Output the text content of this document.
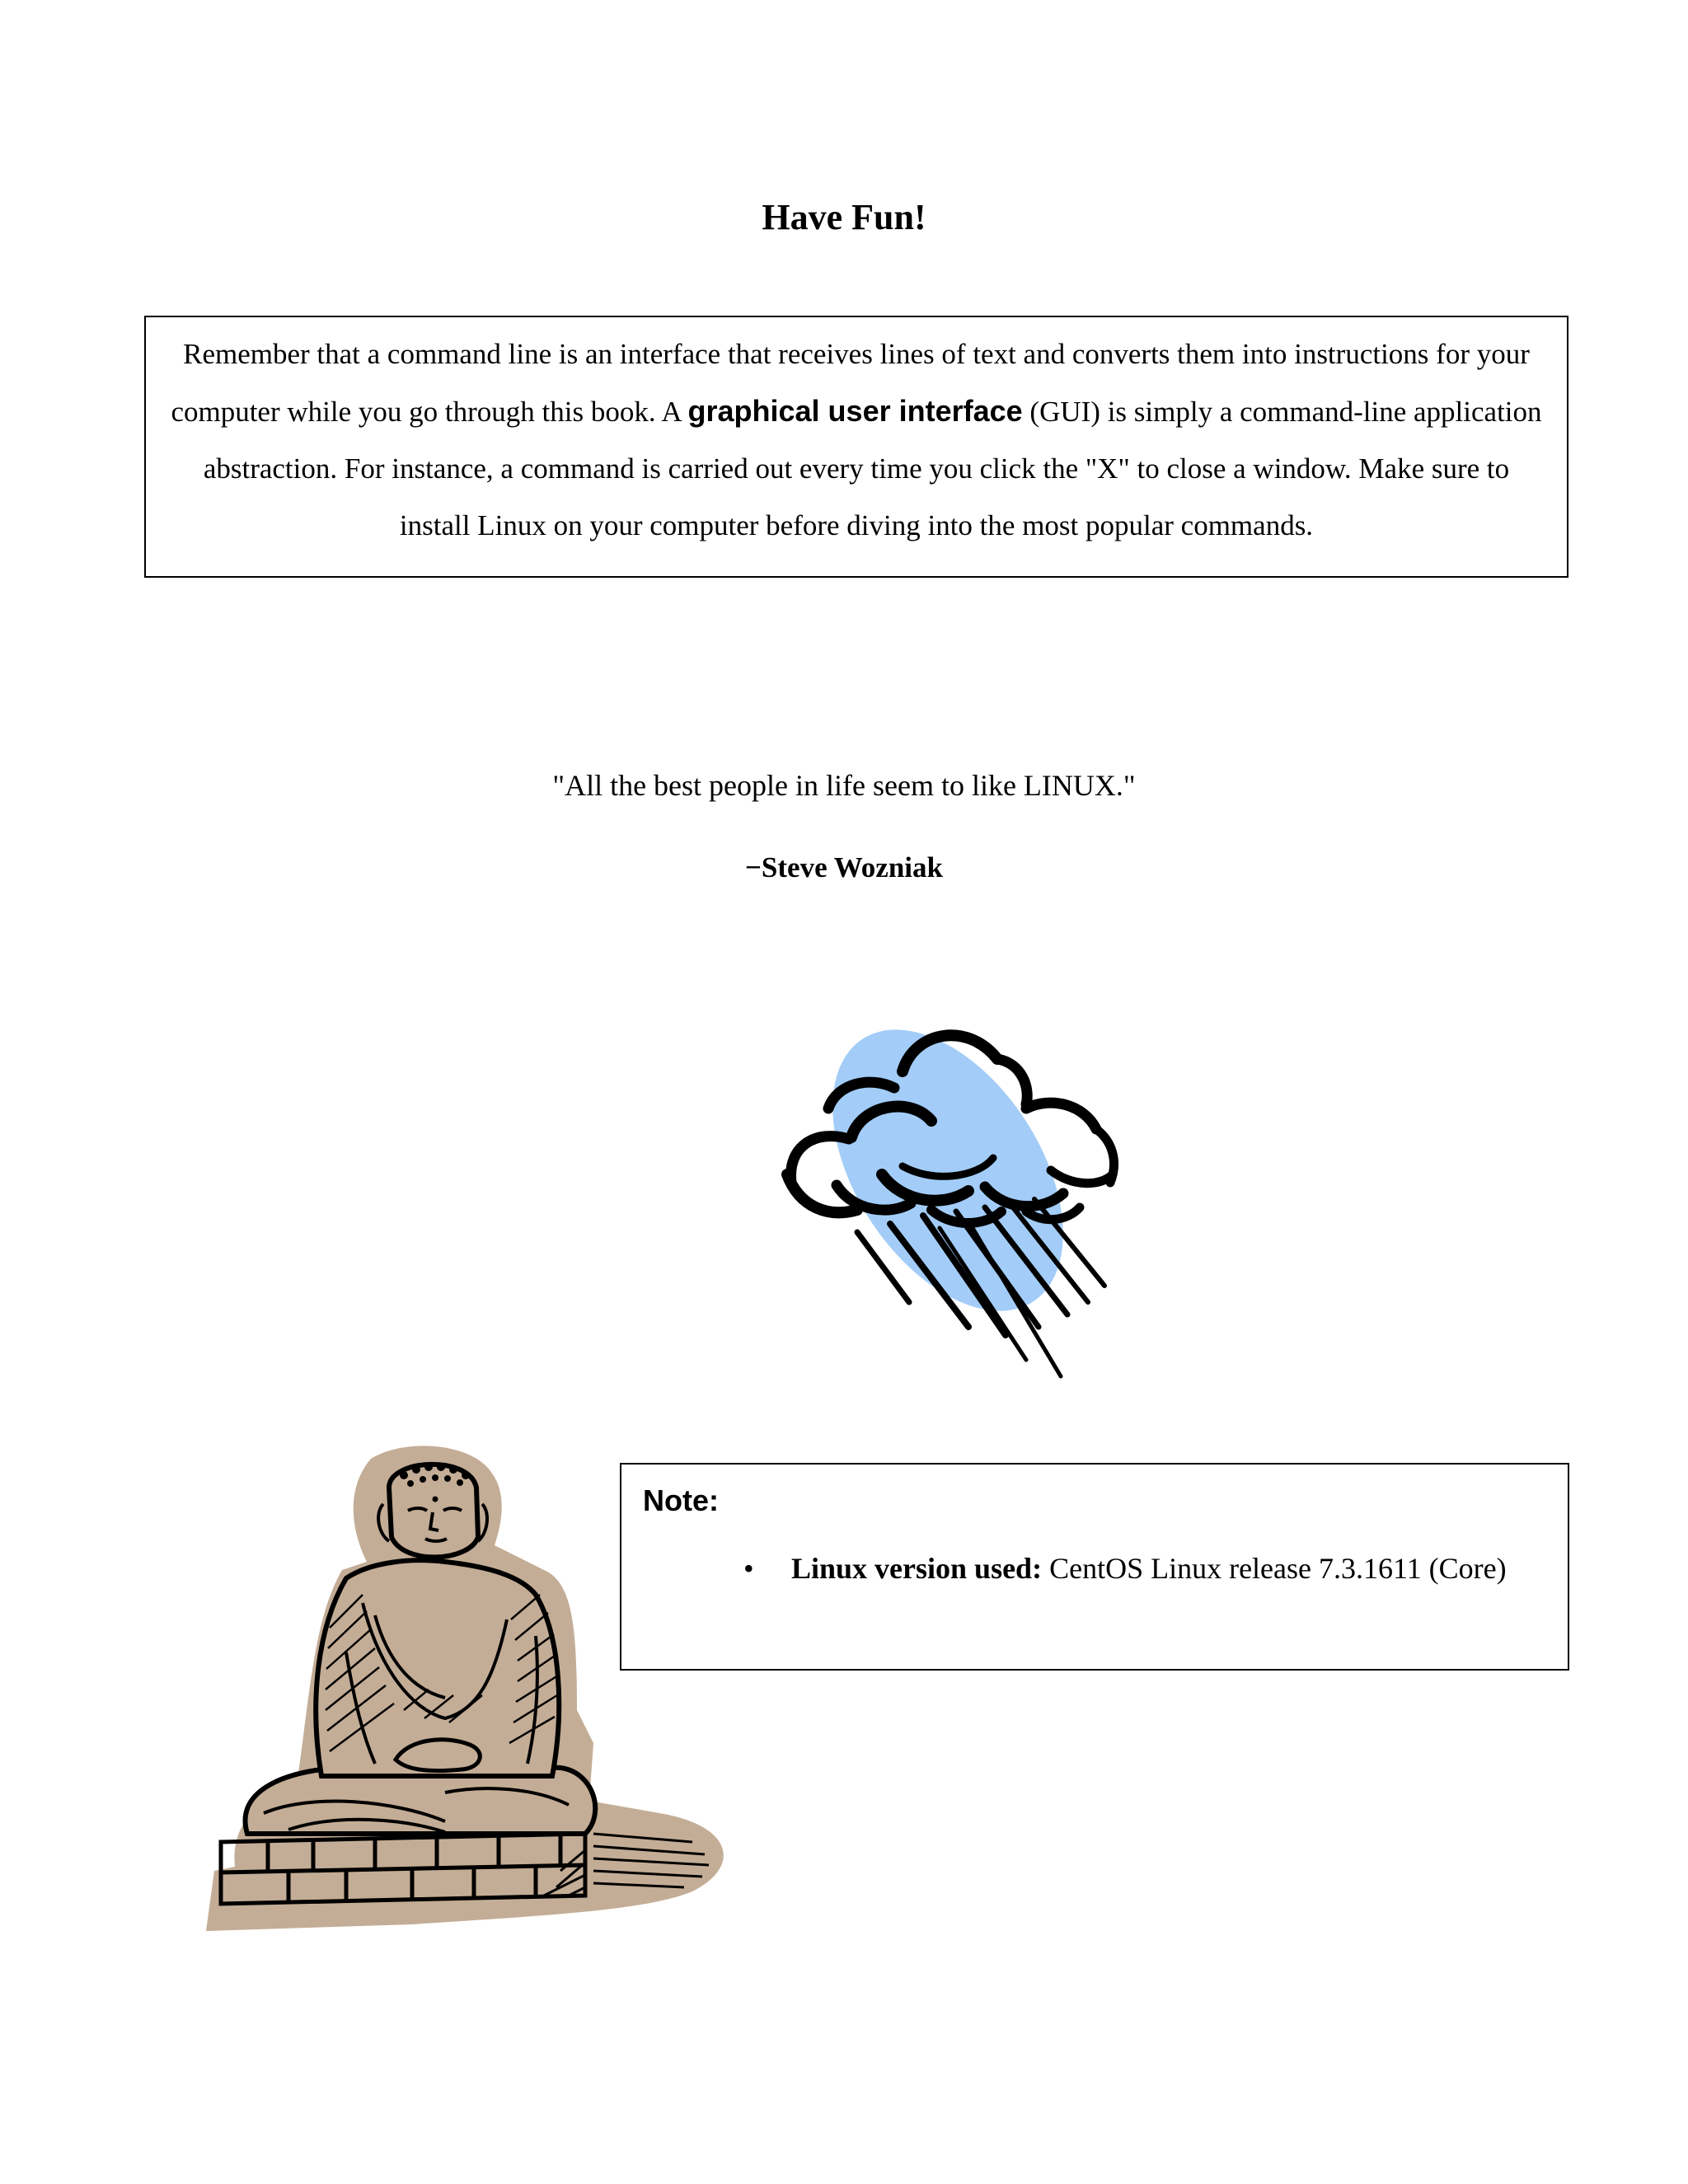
Have Fun!
Remember that a command line is an interface that receives lines of text and converts them into instructions for your computer while you go through this book. A graphical user interface (GUI) is simply a command-line application abstraction. For instance, a command is carried out every time you click the "X" to close a window. Make sure to install Linux on your computer before diving into the most popular commands.
"All the best people in life seem to like LINUX."
−Steve Wozniak
Note:
• Linux version used: CentOS Linux release 7.3.1611 (Core)
